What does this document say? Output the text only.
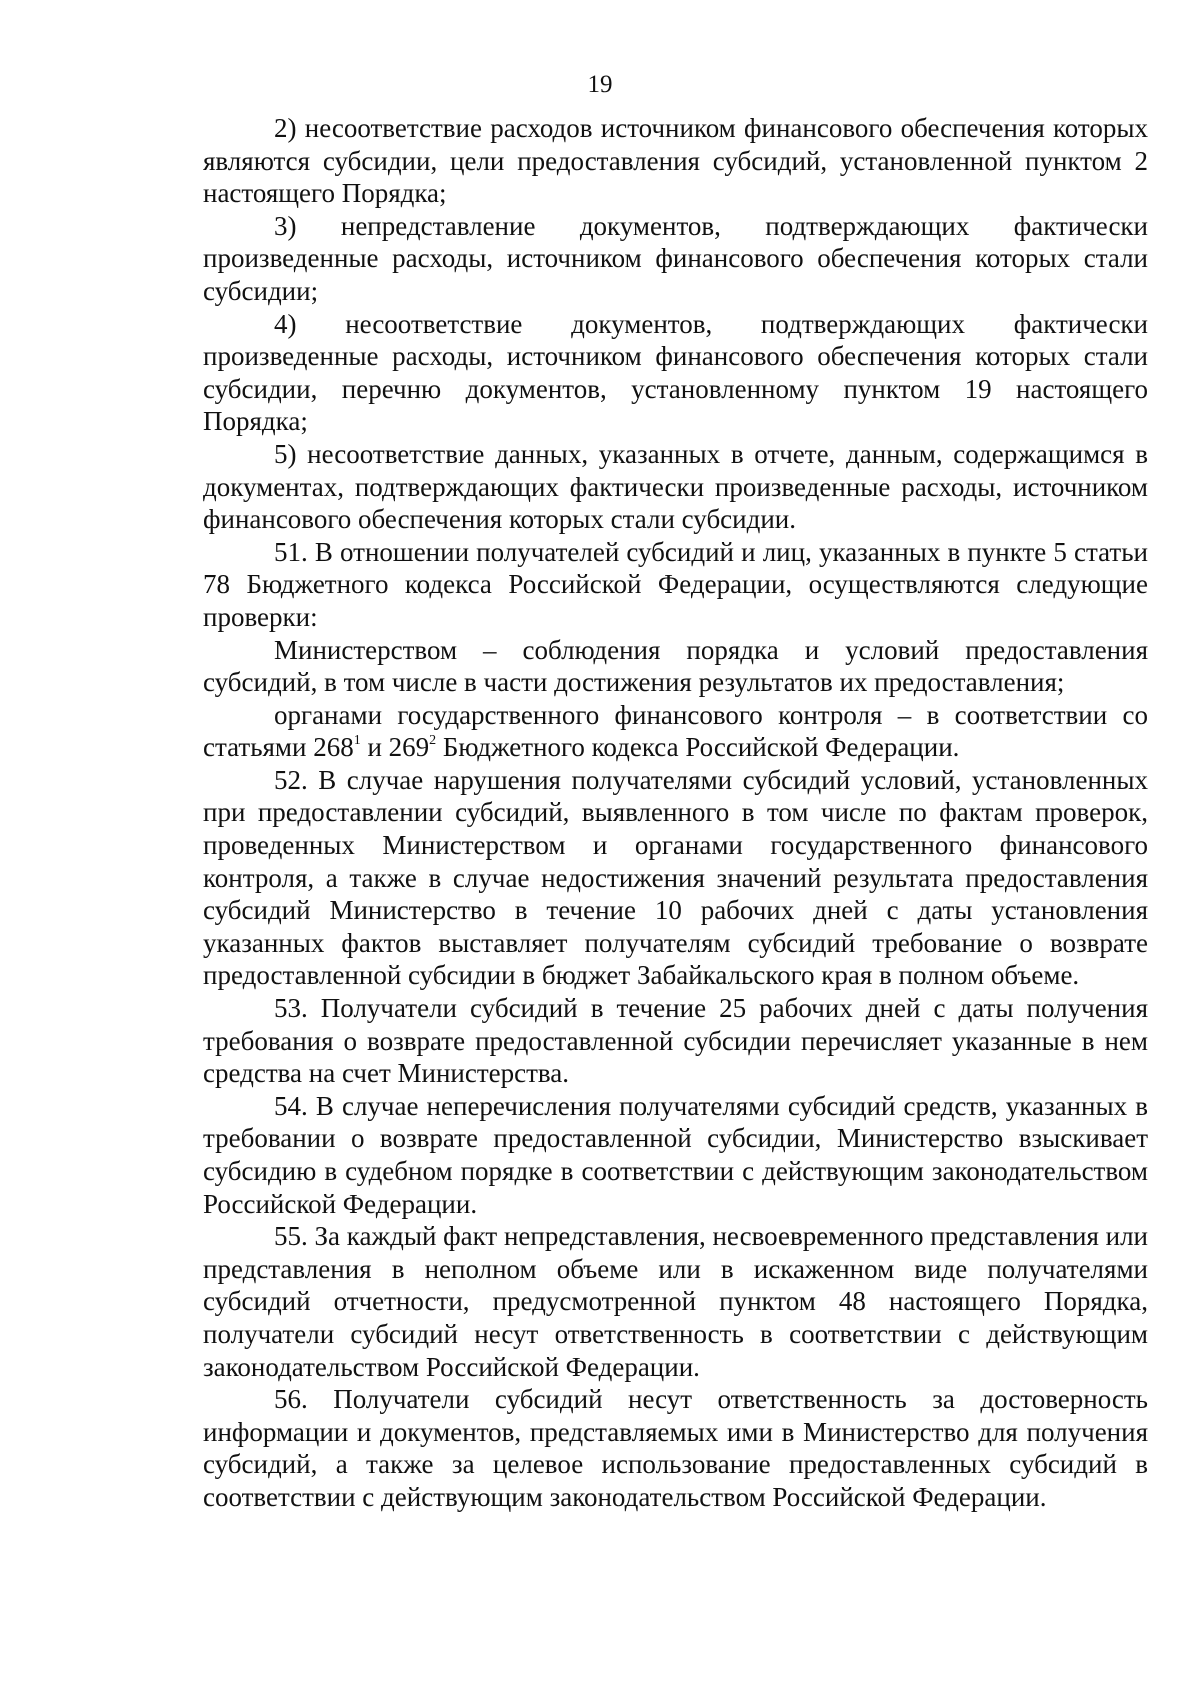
19

2) несоответствие расходов источником финансового обеспечения которых являются субсидии, цели предоставления субсидий, установленной пунктом 2 настоящего Порядка;

3) непредставление документов, подтверждающих фактически произведенные расходы, источником финансового обеспечения которых стали субсидии;

4) несоответствие документов, подтверждающих фактически произведенные расходы, источником финансового обеспечения которых стали субсидии, перечню документов, установленному пунктом 19 настоящего Порядка;

5) несоответствие данных, указанных в отчете, данным, содержащимся в документах, подтверждающих фактически произведенные расходы, источником финансового обеспечения которых стали субсидии.

51. В отношении получателей субсидий и лиц, указанных в пункте 5 статьи 78 Бюджетного кодекса Российской Федерации, осуществляются следующие проверки:

Министерством – соблюдения порядка и условий предоставления субсидий, в том числе в части достижения результатов их предоставления;

органами государственного финансового контроля – в соответствии со статьями $268^1$ и $269^2$ Бюджетного кодекса Российской Федерации.

52. В случае нарушения получателями субсидий условий, установленных при предоставлении субсидий, выявленного в том числе по фактам проверок, проведенных Министерством и органами государственного финансового контроля, а также в случае недостижения значений результата предоставления субсидий Министерство в течение 10 рабочих дней с даты установления указанных фактов выставляет получателям субсидий требование о возврате предоставленной субсидии в бюджет Забайкальского края в полном объеме.

53. Получатели субсидий в течение 25 рабочих дней с даты получения требования о возврате предоставленной субсидии перечисляет указанные в нем средства на счет Министерства.

54. В случае неперечисления получателями субсидий средств, указанных в требовании о возврате предоставленной субсидии, Министерство взыскивает субсидию в судебном порядке в соответствии с действующим законодательством Российской Федерации.

55. За каждый факт непредставления, несвоевременного представления или представления в неполном объеме или в искаженном виде получателями субсидий отчетности, предусмотренной пунктом 48 настоящего Порядка, получатели субсидий несут ответственность в соответствии с действующим законодательством Российской Федерации.

56. Получатели субсидий несут ответственность за достоверность информации и документов, представляемых ими в Министерство для получения субсидий, а также за целевое использование предоставленных субсидий в соответствии с действующим законодательством Российской Федерации.
